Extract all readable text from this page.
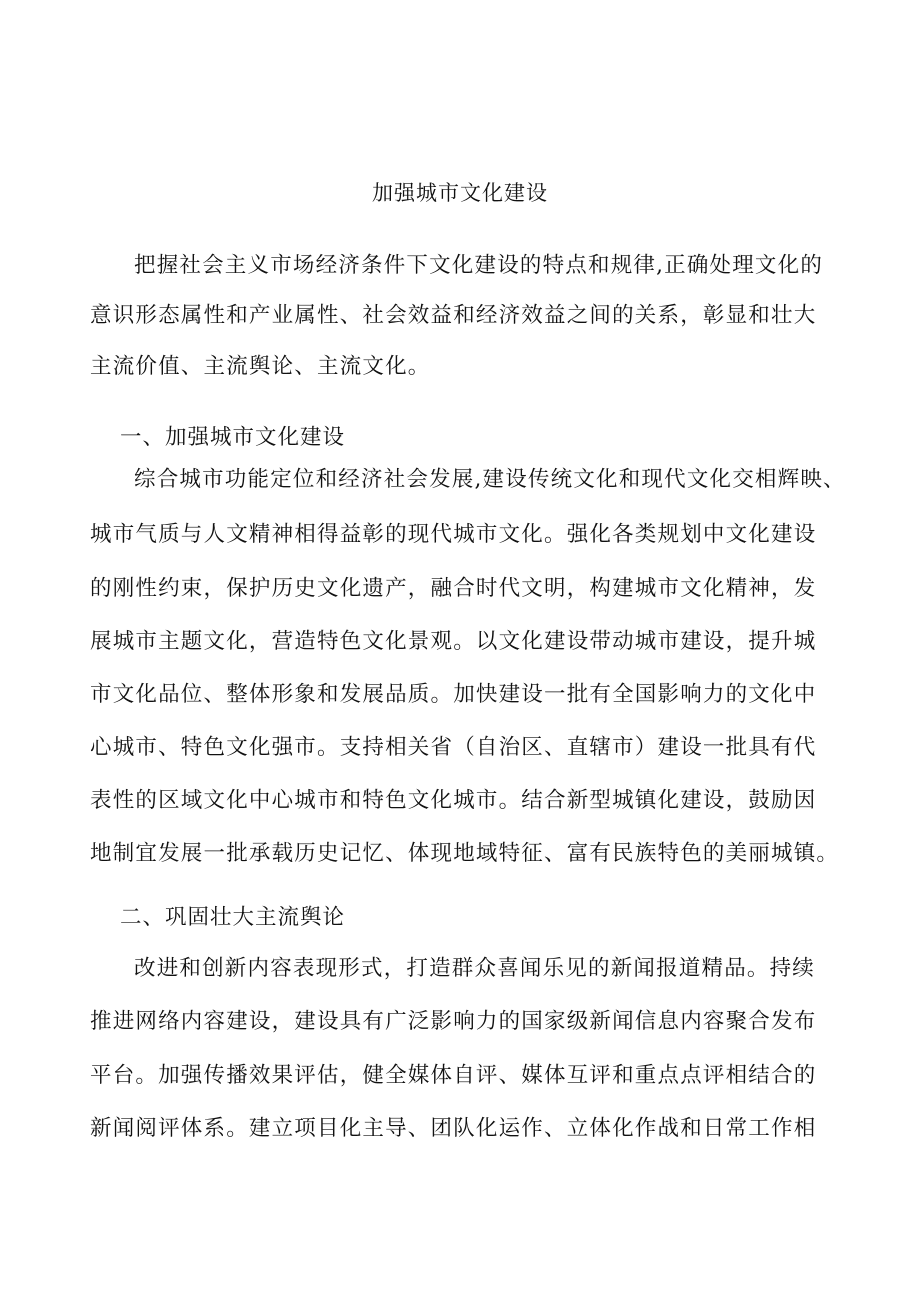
加强城市文化建设
把握社会主义市场经济条件下文化建设的特点和规律,正确处理文化的
意识形态属性和产业属性、社会效益和经济效益之间的关系，彰显和壮大
主流价值、主流舆论、主流文化。
一、加强城市文化建设
综合城市功能定位和经济社会发展,建设传统文化和现代文化交相辉映、
城市气质与人文精神相得益彰的现代城市文化。强化各类规划中文化建设
的刚性约束，保护历史文化遗产，融合时代文明，构建城市文化精神，发
展城市主题文化，营造特色文化景观。以文化建设带动城市建设，提升城
市文化品位、整体形象和发展品质。加快建设一批有全国影响力的文化中
心城市、特色文化强市。支持相关省（自治区、直辖市）建设一批具有代
表性的区域文化中心城市和特色文化城市。结合新型城镇化建设，鼓励因
地制宜发展一批承载历史记忆、体现地域特征、富有民族特色的美丽城镇。
二、巩固壮大主流舆论
改进和创新内容表现形式，打造群众喜闻乐见的新闻报道精品。持续
推进网络内容建设，建设具有广泛影响力的国家级新闻信息内容聚合发布
平台。加强传播效果评估，健全媒体自评、媒体互评和重点点评相结合的
新闻阅评体系。建立项目化主导、团队化运作、立体化作战和日常工作相
